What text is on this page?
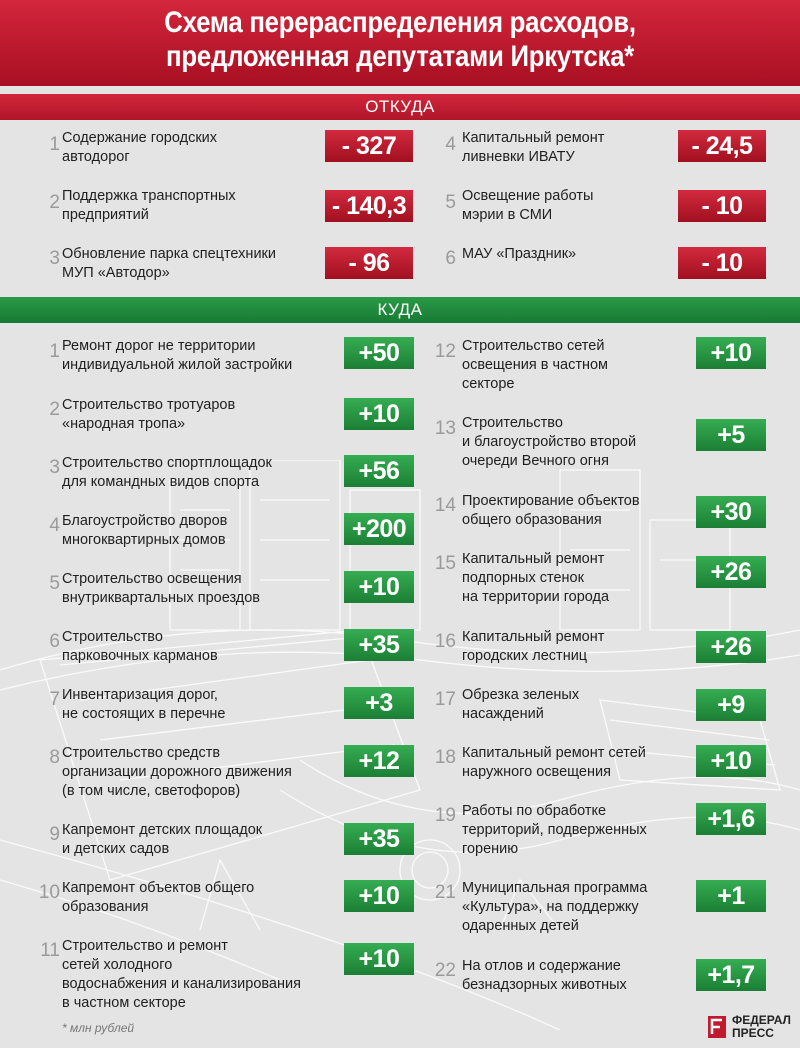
Схема перераспределения расходов,
предложенная депутатами Иркутска*
ОТКУДА
1 Содержание городских
автодорог	- 327
2 Поддержка транспортных
предприятий	- 140,3
3 Обновление парка спецтехники
МУП «Автодор»	- 96
4 Капитальный ремонт
ливневки ИВАТУ	- 24,5
5 Освещение работы
мэрии в СМИ	- 10
6 МАУ «Праздник»	- 10
КУДА
1 Ремонт дорог не территории
индивидуальной жилой застройки	+50
2 Строительство тротуаров
«народная тропа»	+10
3 Строительство спортплощадок
для командных видов спорта	+56
4 Благоустройство дворов
многоквартирных домов	+200
5 Строительство освещения
внутриквартальных проездов	+10
6 Строительство
парковочных карманов	+35
7 Инвентаризация дорог,
не состоящих в перечне	+3
8 Строительство средств
организации дорожного движения
(в том числе, светофоров)
+12
9 Капремонт детских площадок
и детских садов	+35
10 Капремонт объектов общего
образования	+10
11 Строительство и ремонт
сетей холодного
водоснабжения и канализирования
в частном секторе
+10
12 Строительство сетей
освещения в частном
секторе
+10
13 Строительство
и благоустройство второй
очереди Вечного огня
+5
14 Проектирование объектов
общего образования	+30
15 Капитальный ремонт
подпорных стенок
на территории города
+26
16 Капитальный ремонт
городских лестниц	+26
17 Обрезка зеленых
насаждений	+9
18 Капитальный ремонт сетей
наружного освещения	+10
19 Работы по обработке
территорий, подверженных
горению
+1,6
21 Муниципальная программа
«Культура», на поддержку
одаренных детей
+1
22 На отлов и содержание
безнадзорных животных	+1,7
* млн рублей
ФЕДЕРАЛ
ПРЕСС
